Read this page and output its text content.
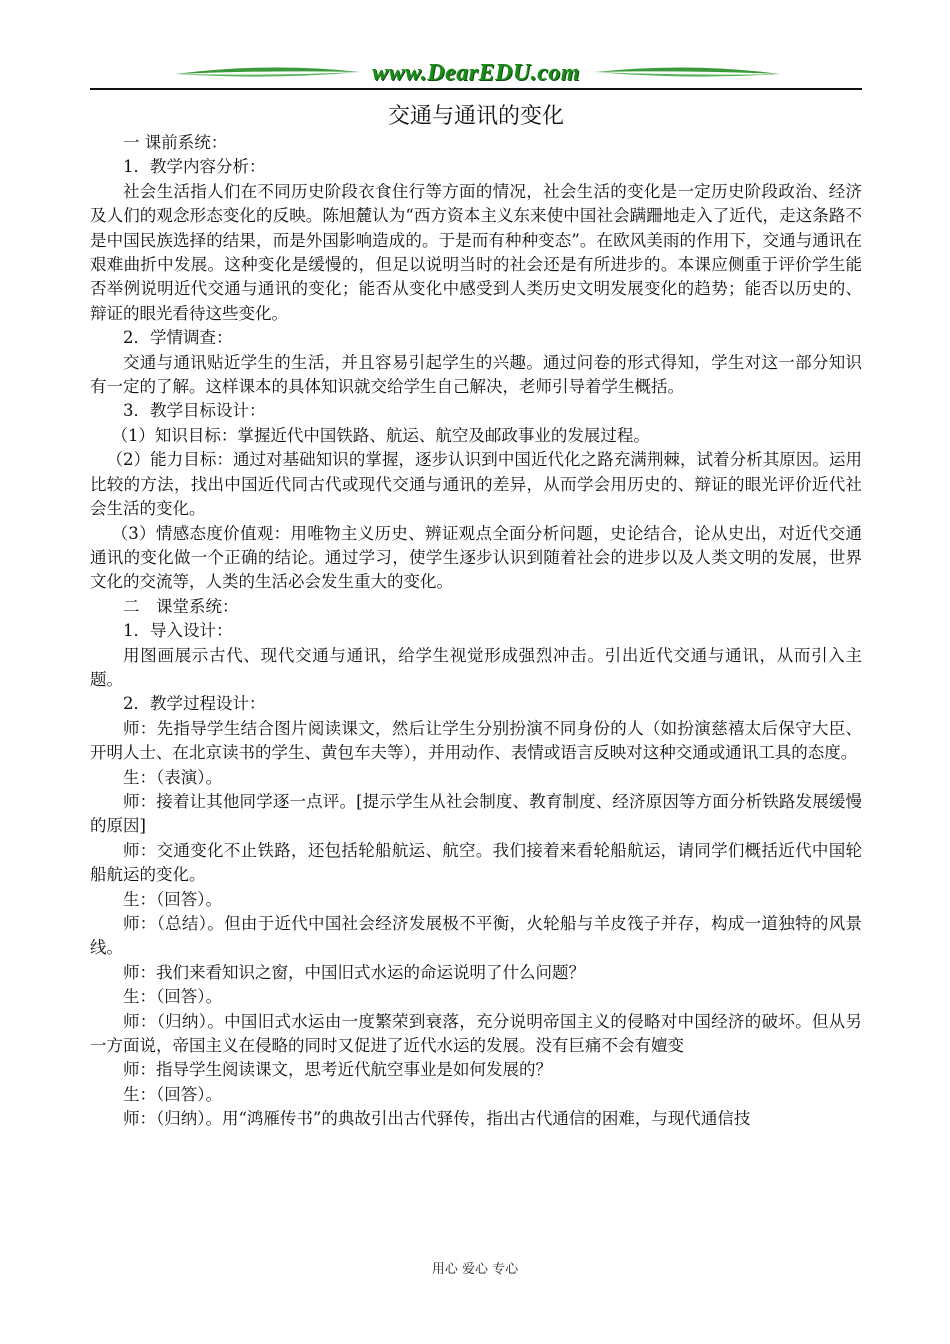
www.DearEDU.com
交通与通讯的变化

一 课前系统：

1．教学内容分析：

社会生活指人们在不同历史阶段衣食住行等方面的情况，社会生活的变化是一定历史阶段政治、经济及人们的观念形态变化的反映。陈旭麓认为“西方资本主义东来使中国社会蹒跚地走入了近代，走这条路不是中国民族选择的结果，而是外国影响造成的。于是而有种种变态”。在欧风美雨的作用下，交通与通讯在艰难曲折中发展。这种变化是缓慢的，但足以说明当时的社会还是有所进步的。本课应侧重于评价学生能否举例说明近代交通与通讯的变化；能否从变化中感受到人类历史文明发展变化的趋势；能否以历史的、辩证的眼光看待这些变化。

2．学情调查：

交通与通讯贴近学生的生活，并且容易引起学生的兴趣。通过问卷的形式得知，学生对这一部分知识有一定的了解。这样课本的具体知识就交给学生自己解决，老师引导着学生概括。

3．教学目标设计：

（1）知识目标：掌握近代中国铁路、航运、航空及邮政事业的发展过程。

（2）能力目标：通过对基础知识的掌握，逐步认识到中国近代化之路充满荆棘，试着分析其原因。运用比较的方法，找出中国近代同古代或现代交通与通讯的差异，从而学会用历史的、辩证的眼光评价近代社会生活的变化。

（3）情感态度价值观：用唯物主义历史、辨证观点全面分析问题，史论结合，论从史出，对近代交通通讯的变化做一个正确的结论。通过学习，使学生逐步认识到随着社会的进步以及人类文明的发展，世界文化的交流等，人类的生活必会发生重大的变化。

二　课堂系统：

1．导入设计：

用图画展示古代、现代交通与通讯，给学生视觉形成强烈冲击。引出近代交通与通讯，从而引入主题。

2．教学过程设计：

师：先指导学生结合图片阅读课文，然后让学生分别扮演不同身份的人（如扮演慈禧太后保守大臣、开明人士、在北京读书的学生、黄包车夫等），并用动作、表情或语言反映对这种交通或通讯工具的态度。

生：（表演）。

师：接着让其他同学逐一点评。[提示学生从社会制度、教育制度、经济原因等方面分析铁路发展缓慢的原因]

师：交通变化不止铁路，还包括轮船航运、航空。我们接着来看轮船航运，请同学们概括近代中国轮船航运的变化。

生：（回答）。

师：（总结）。但由于近代中国社会经济发展极不平衡，火轮船与羊皮筏子并存，构成一道独特的风景线。

师：我们来看知识之窗，中国旧式水运的命运说明了什么问题？

生：（回答）。

师：（归纳）。中国旧式水运由一度繁荣到衰落，充分说明帝国主义的侵略对中国经济的破坏。但从另一方面说，帝国主义在侵略的同时又促进了近代水运的发展。没有巨痛不会有嬗变

师：指导学生阅读课文，思考近代航空事业是如何发展的？

生：（回答）。

师：（归纳）。用“鸿雁传书”的典故引出古代驿传，指出古代通信的困难，与现代通信技

用心 爱心 专心
